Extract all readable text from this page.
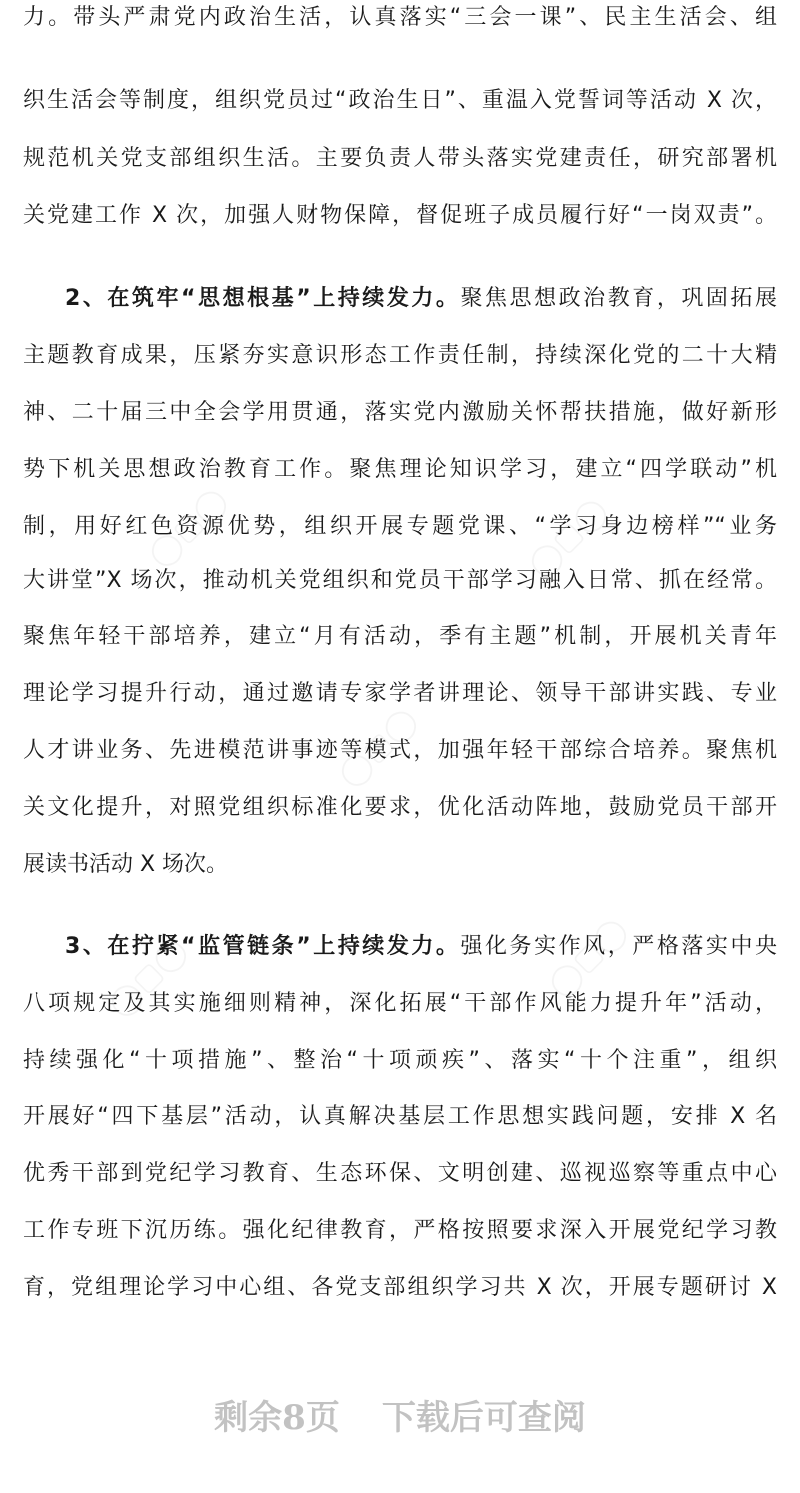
力。带头严肃党内政治生活，认真落实“三会一课”、民主生活会、组
织生活会等制度，组织党员过“政治生日”、重温入党誓词等活动 X 次，
规范机关党支部组织生活。主要负责人带头落实党建责任，研究部署机
关党建工作 X 次，加强人财物保障，督促班子成员履行好“一岗双责”。
2、在筑牢“思想根基”上持续发力。聚焦思想政治教育，巩固拓展
主题教育成果，压紧夯实意识形态工作责任制，持续深化党的二十大精
神、二十届三中全会学用贯通，落实党内激励关怀帮扶措施，做好新形
势下机关思想政治教育工作。聚焦理论知识学习，建立“四学联动”机
制，用好红色资源优势，组织开展专题党课、“学习身边榜样”“业务
大讲堂”X 场次，推动机关党组织和党员干部学习融入日常、抓在经常。
聚焦年轻干部培养，建立“月有活动，季有主题”机制，开展机关青年
理论学习提升行动，通过邀请专家学者讲理论、领导干部讲实践、专业
人才讲业务、先进模范讲事迹等模式，加强年轻干部综合培养。聚焦机
关文化提升，对照党组织标准化要求，优化活动阵地，鼓励党员干部开
展读书活动 X 场次。
3、在拧紧“监管链条”上持续发力。强化务实作风，严格落实中央
八项规定及其实施细则精神，深化拓展“干部作风能力提升年”活动，
持续强化“十项措施”、整治“十项顽疾”、落实“十个注重”，组织
开展好“四下基层”活动，认真解决基层工作思想实践问题，安排 X 名
优秀干部到党纪学习教育、生态环保、文明创建、巡视巡察等重点中心
工作专班下沉历练。强化纪律教育，严格按照要求深入开展党纪学习教
育，党组理论学习中心组、各党支部组织学习共 X 次，开展专题研讨 X
剩余8页 下载后可查阅
